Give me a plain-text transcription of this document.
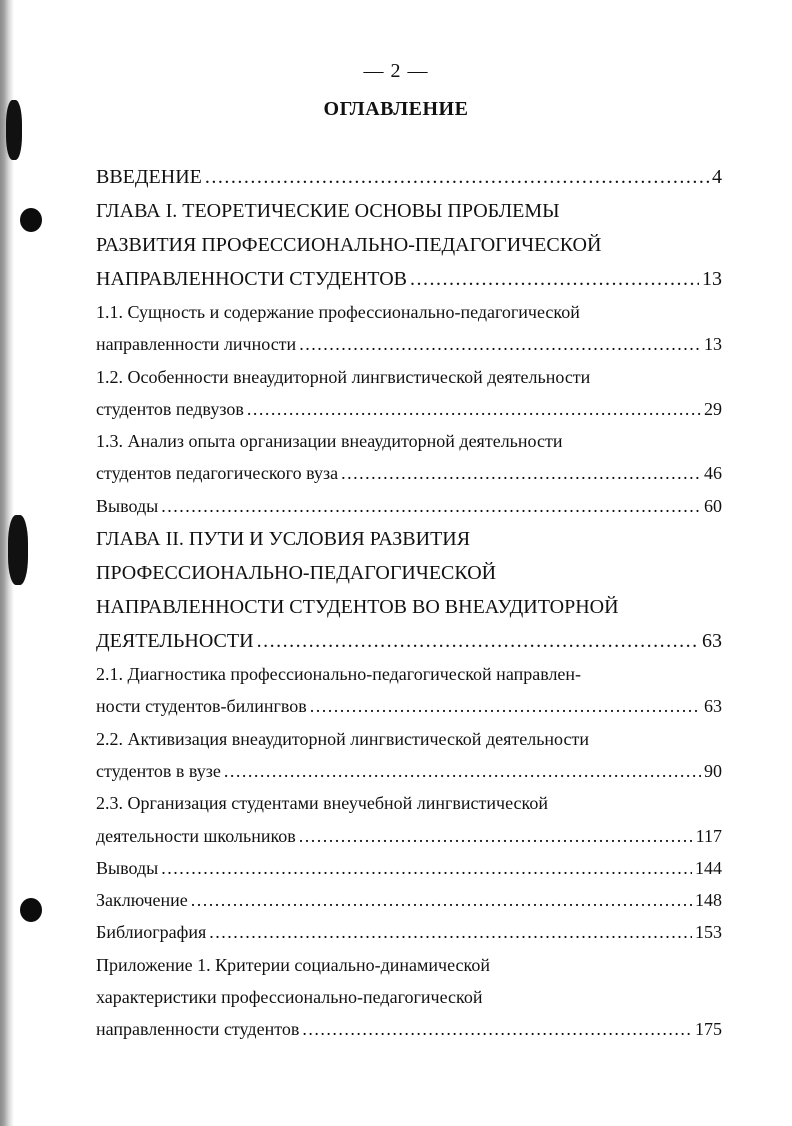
— 2 —
ОГЛАВЛЕНИЕ
ВВЕДЕНИЕ .....	4
ГЛАВА I. ТЕОРЕТИЧЕСКИЕ ОСНОВЫ ПРОБЛЕМЫ
РАЗВИТИЯ ПРОФЕССИОНАЛЬНО-ПЕДАГОГИЧЕСКОЙ
НАПРАВЛЕННОСТИ СТУДЕНТОВ .....	13
1.1. Сущность и содержание профессионально-педагогической
направленности личности .....	13
1.2. Особенности внеаудиторной лингвистической деятельности
студентов педвузов .....	29
1.3. Анализ опыта организации внеаудиторной деятельности
студентов педагогического вуза .....	46
Выводы .....	60
ГЛАВА II. ПУТИ И УСЛОВИЯ РАЗВИТИЯ
ПРОФЕССИОНАЛЬНО-ПЕДАГОГИЧЕСКОЙ
НАПРАВЛЕННОСТИ СТУДЕНТОВ ВО ВНЕАУДИТОРНОЙ
ДЕЯТЕЛЬНОСТИ .....	63
2.1. Диагностика профессионально-педагогической направлен-
ности студентов-билингвов .....	63
2.2. Активизация внеаудиторной лингвистической деятельности
студентов в вузе .....	90
2.3. Организация студентами внеучебной лингвистической
деятельности школьников .....	117
Выводы .....	144
Заключение .....	148
Библиография .....	153
Приложение 1. Критерии социально-динамической
характеристики профессионально-педагогической
направленности студентов .....	175
